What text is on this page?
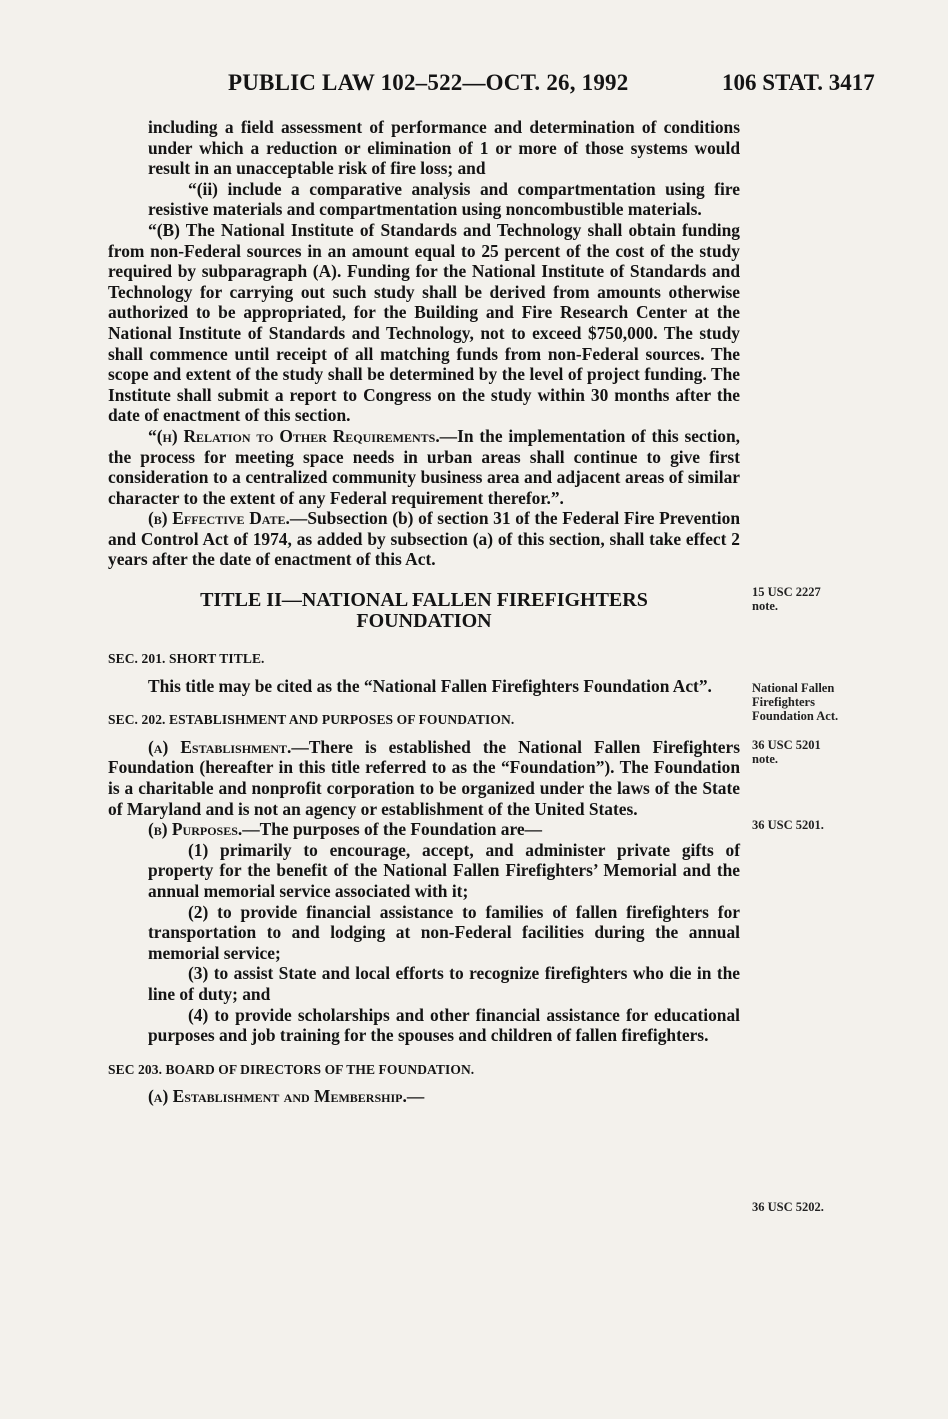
PUBLIC LAW 102–522—OCT. 26, 1992	106 STAT. 3417

including a field assessment of performance and determination of conditions under which a reduction or elimination of 1 or more of those systems would result in an unacceptable risk of fire loss; and

“(ii) include a comparative analysis and compartmentation using fire resistive materials and compartmentation using noncombustible materials.

“(B) The National Institute of Standards and Technology shall obtain funding from non-Federal sources in an amount equal to 25 percent of the cost of the study required by subparagraph (A). Funding for the National Institute of Standards and Technology for carrying out such study shall be derived from amounts otherwise authorized to be appropriated, for the Building and Fire Research Center at the National Institute of Standards and Technology, not to exceed $750,000. The study shall commence until receipt of all matching funds from non-Federal sources. The scope and extent of the study shall be determined by the level of project funding. The Institute shall submit a report to Congress on the study within 30 months after the date of enactment of this section.

“(h) Relation to Other Requirements.—In the implementation of this section, the process for meeting space needs in urban areas shall continue to give first consideration to a centralized community business area and adjacent areas of similar character to the extent of any Federal requirement therefor.”.

(b) Effective Date.—Subsection (b) of section 31 of the Federal Fire Prevention and Control Act of 1974, as added by subsection (a) of this section, shall take effect 2 years after the date of enactment of this Act.

TITLE II—NATIONAL FALLEN FIREFIGHTERS
FOUNDATION
SEC. 201. SHORT TITLE.

This title may be cited as the “National Fallen Firefighters Foundation Act”.

SEC. 202. ESTABLISHMENT AND PURPOSES OF FOUNDATION.

(a) Establishment.—There is established the National Fallen Firefighters Foundation (hereafter in this title referred to as the “Foundation”). The Foundation is a charitable and nonprofit corporation to be organized under the laws of the State of Maryland and is not an agency or establishment of the United States.

(b) Purposes.—The purposes of the Foundation are—

(1) primarily to encourage, accept, and administer private gifts of property for the benefit of the National Fallen Firefighters’ Memorial and the annual memorial service associated with it;

(2) to provide financial assistance to families of fallen firefighters for transportation to and lodging at non-Federal facilities during the annual memorial service;

(3) to assist State and local efforts to recognize firefighters who die in the line of duty; and

(4) to provide scholarships and other financial assistance for educational purposes and job training for the spouses and children of fallen firefighters.

SEC 203. BOARD OF DIRECTORS OF THE FOUNDATION.

(a) Establishment and Membership.—

15 USC 2227
note.
National Fallen
Firefighters
Foundation Act.
36 USC 5201
note.
36 USC 5201.
36 USC 5202.
